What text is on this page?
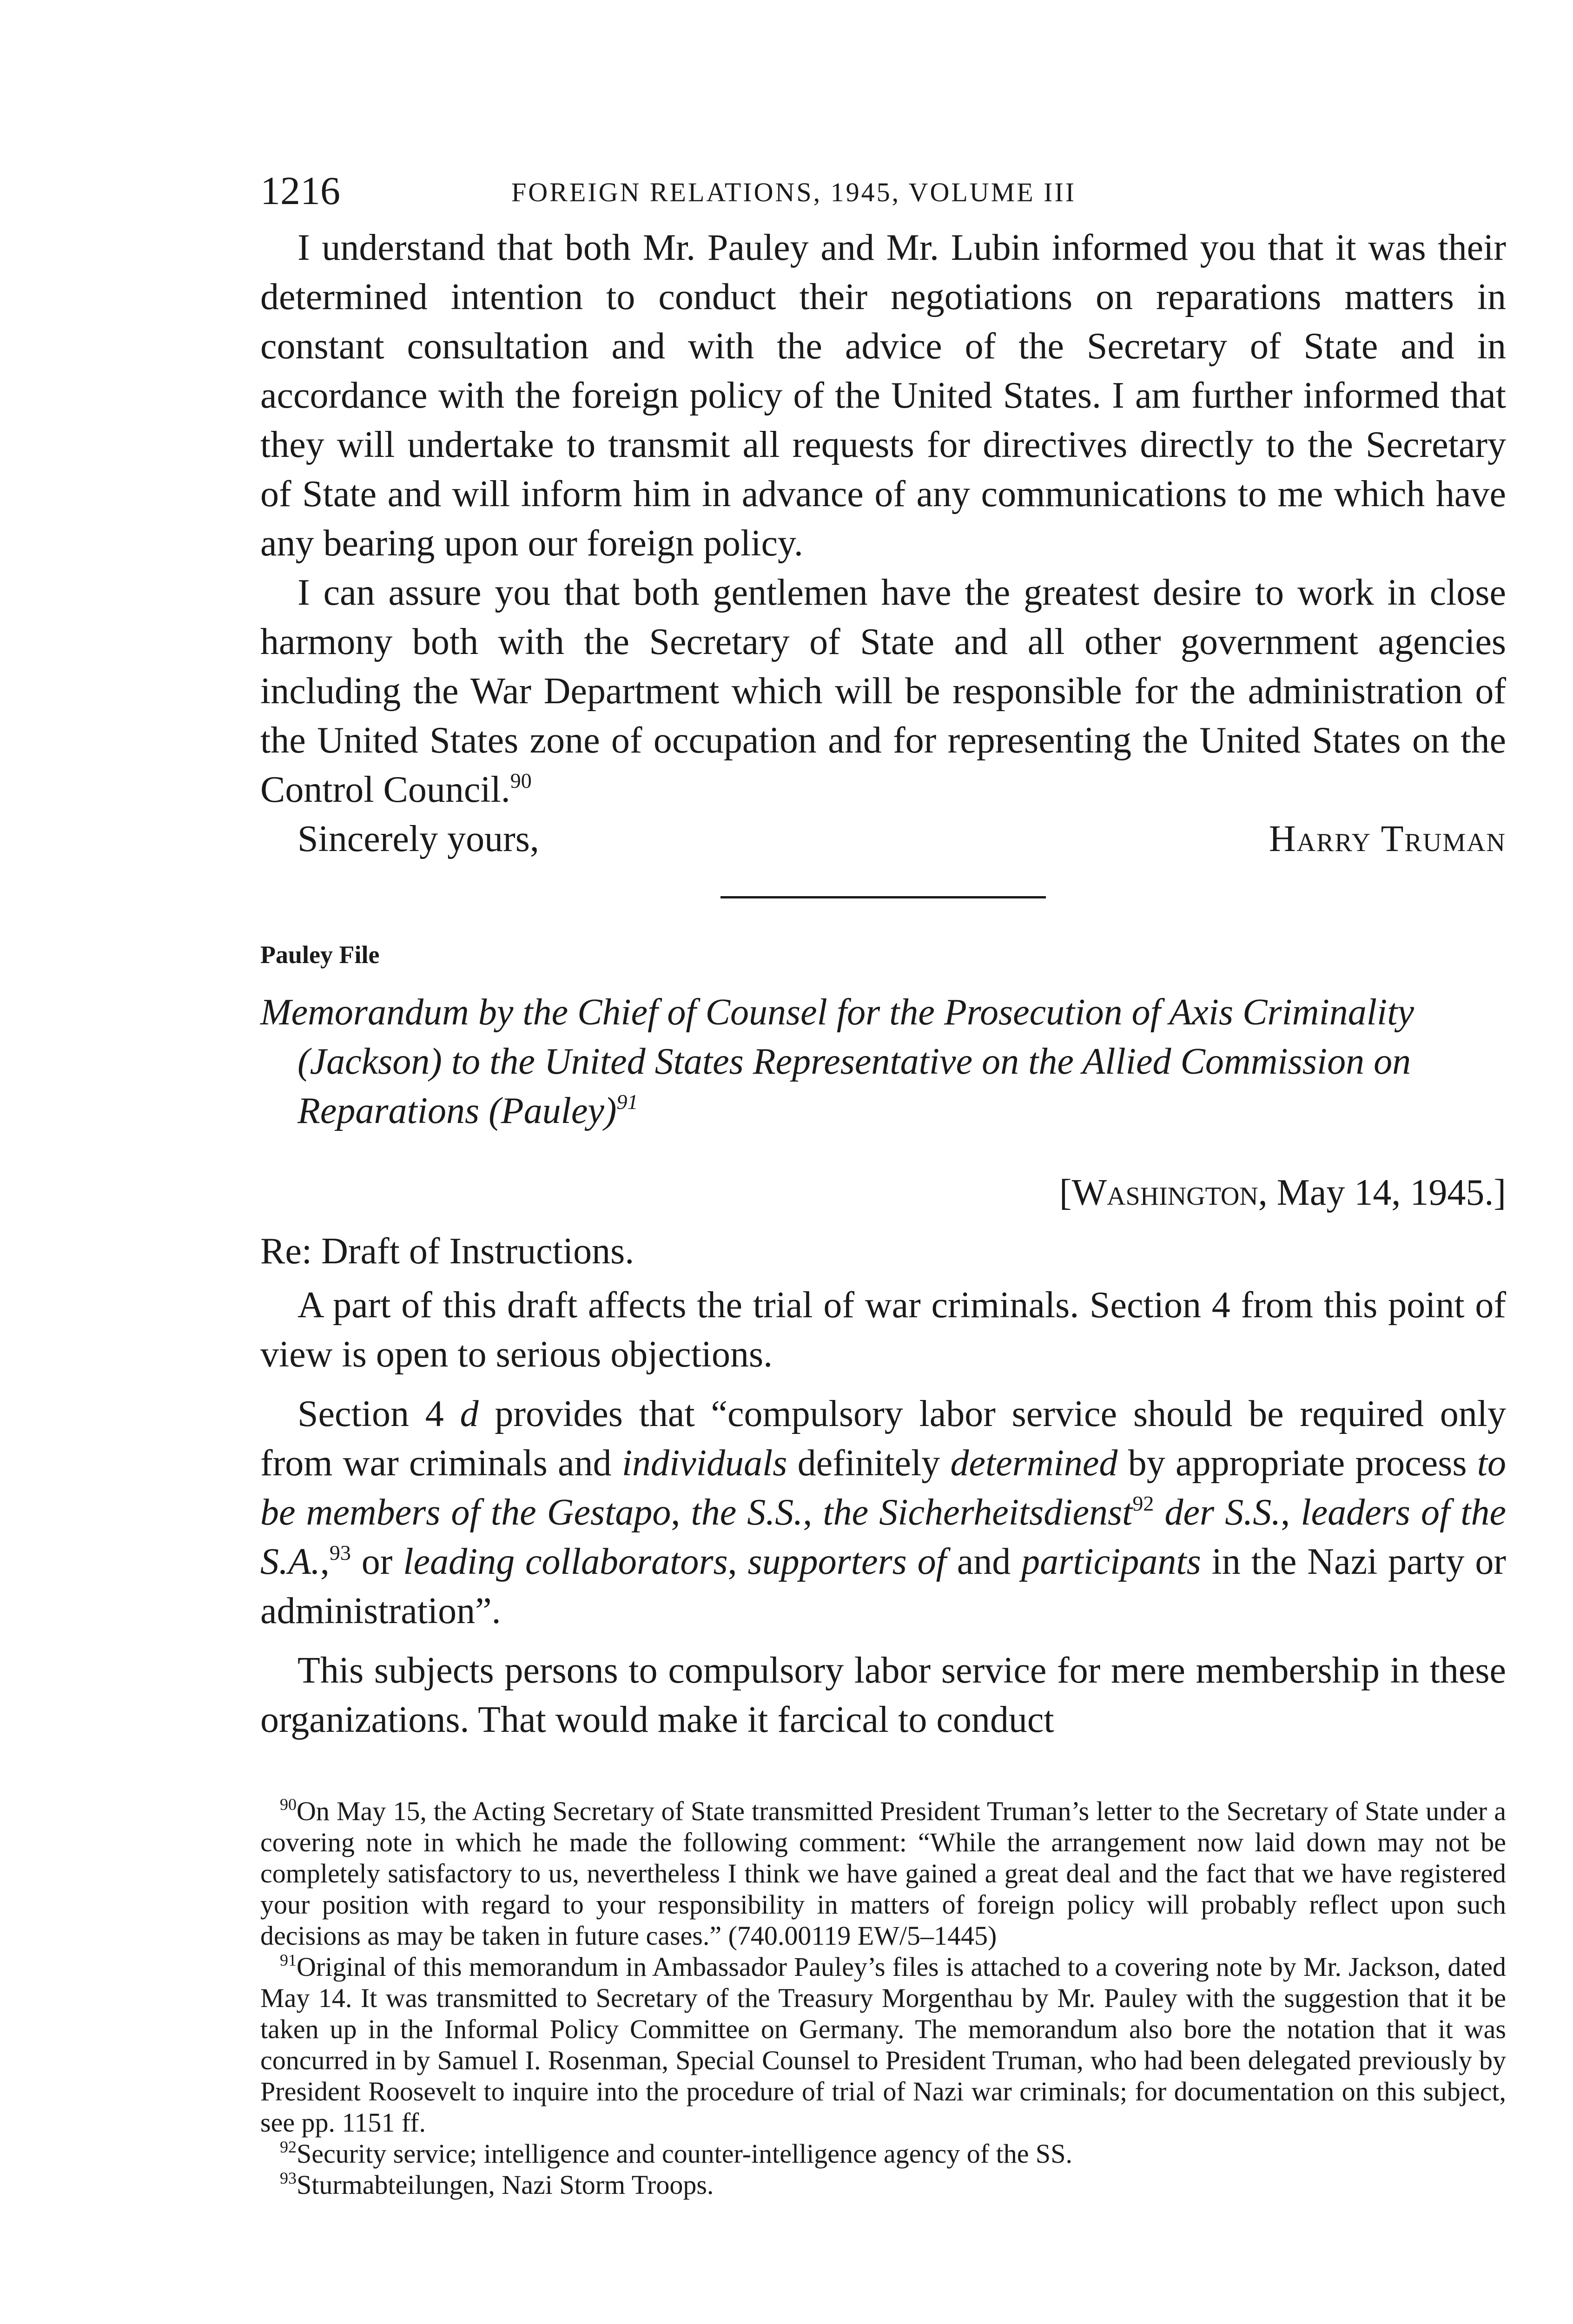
1216	FOREIGN RELATIONS, 1945, VOLUME III

I understand that both Mr. Pauley and Mr. Lubin informed you that it was their determined intention to conduct their negotiations on reparations matters in constant consultation and with the advice of the Secretary of State and in accordance with the foreign policy of the United States. I am further informed that they will undertake to transmit all requests for directives directly to the Secretary of State and will inform him in advance of any communications to me which have any bearing upon our foreign policy.

I can assure you that both gentlemen have the greatest desire to work in close harmony both with the Secretary of State and all other government agencies including the War Department which will be responsible for the administration of the United States zone of occupation and for representing the United States on the Control Council.$^{90}$

Sincerely yours,	Harry Truman

Pauley File

Memorandum by the Chief of Counsel for the Prosecution of Axis Criminality (Jackson) to the United States Representative on the Allied Commission on Reparations (Pauley)$^{91}$

[Washington, May 14, 1945.]

Re: Draft of Instructions.

A part of this draft affects the trial of war criminals. Section 4 from this point of view is open to serious objections.

Section 4 d provides that “compulsory labor service should be required only from war criminals and individuals definitely determined by appropriate process to be members of the Gestapo, the S.S., the Sicherheitsdienst$^{92}$ der S.S., leaders of the S.A.,$^{93}$ or leading collaborators, supporters of and participants in the Nazi party or administration”.

This subjects persons to compulsory labor service for mere membership in these organizations. That would make it farcical to conduct

$^{90}$On May 15, the Acting Secretary of State transmitted President Truman’s letter to the Secretary of State under a covering note in which he made the following comment: “While the arrangement now laid down may not be completely satisfactory to us, nevertheless I think we have gained a great deal and the fact that we have registered your position with regard to your responsibility in matters of foreign policy will probably reflect upon such decisions as may be taken in future cases.” (740.00119 EW/5–1445)

$^{91}$Original of this memorandum in Ambassador Pauley’s files is attached to a covering note by Mr. Jackson, dated May 14. It was transmitted to Secretary of the Treasury Morgenthau by Mr. Pauley with the suggestion that it be taken up in the Informal Policy Committee on Germany. The memorandum also bore the notation that it was concurred in by Samuel I. Rosenman, Special Counsel to President Truman, who had been delegated previously by President Roosevelt to inquire into the procedure of trial of Nazi war criminals; for documentation on this subject, see pp. 1151 ff.

$^{92}$Security service; intelligence and counter-intelligence agency of the SS.

$^{93}$Sturmabteilungen, Nazi Storm Troops.
